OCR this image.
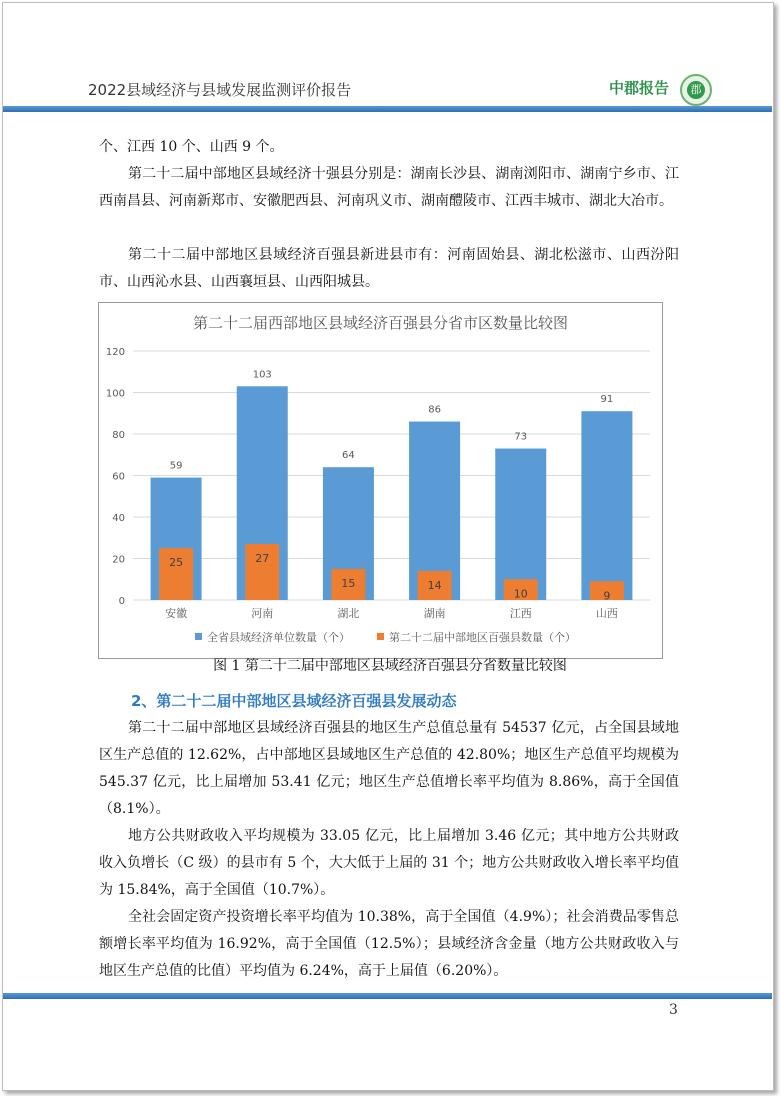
2022县域经济与县域发展监测评价报告	中郡报告	郡

个、江西 10 个、山西 9 个。

第二十二届中部地区县域经济十强县分别是：湖南长沙县、湖南浏阳市、湖南宁乡市、江西南昌县、河南新郑市、安徽肥西县、河南巩义市、湖南醴陵市、江西丰城市、湖北大冶市。

第二十二届中部地区县域经济百强县新进县市有：河南固始县、湖北松滋市、山西汾阳市、山西沁水县、山西襄垣县、山西阳城县。

第二十二届西部地区县域经济百强县分省市区数量比较图
0
20
40
60
80
100
120
59
25
安徽
103
27
河南
64
15
湖北
86
14
湖南
73
10
江西
91
9
山西
全省县域经济单位数量（个）	第二十二届中部地区百强县数量（个）
图 1 第二十二届中部地区县域经济百强县分省数量比较图
2、第二十二届中部地区县域经济百强县发展动态

第二十二届中部地区县域经济百强县的地区生产总值总量有 54537 亿元，占全国县域地区生产总值的 12.62%，占中部地区县域地区生产总值的 42.80%；地区生产总值平均规模为 545.37 亿元，比上届增加 53.41 亿元；地区生产总值增长率平均值为 8.86%，高于全国值（8.1%）。

地方公共财政收入平均规模为 33.05 亿元，比上届增加 3.46 亿元；其中地方公共财政收入负增长（C 级）的县市有 5 个，大大低于上届的 31 个；地方公共财政收入增长率平均值为 15.84%，高于全国值（10.7%）。

全社会固定资产投资增长率平均值为 10.38%，高于全国值（4.9%）；社会消费品零售总额增长率平均值为 16.92%，高于全国值（12.5%）；县域经济含金量（地方公共财政收入与地区生产总值的比值）平均值为 6.24%，高于上届值（6.20%）。

3
